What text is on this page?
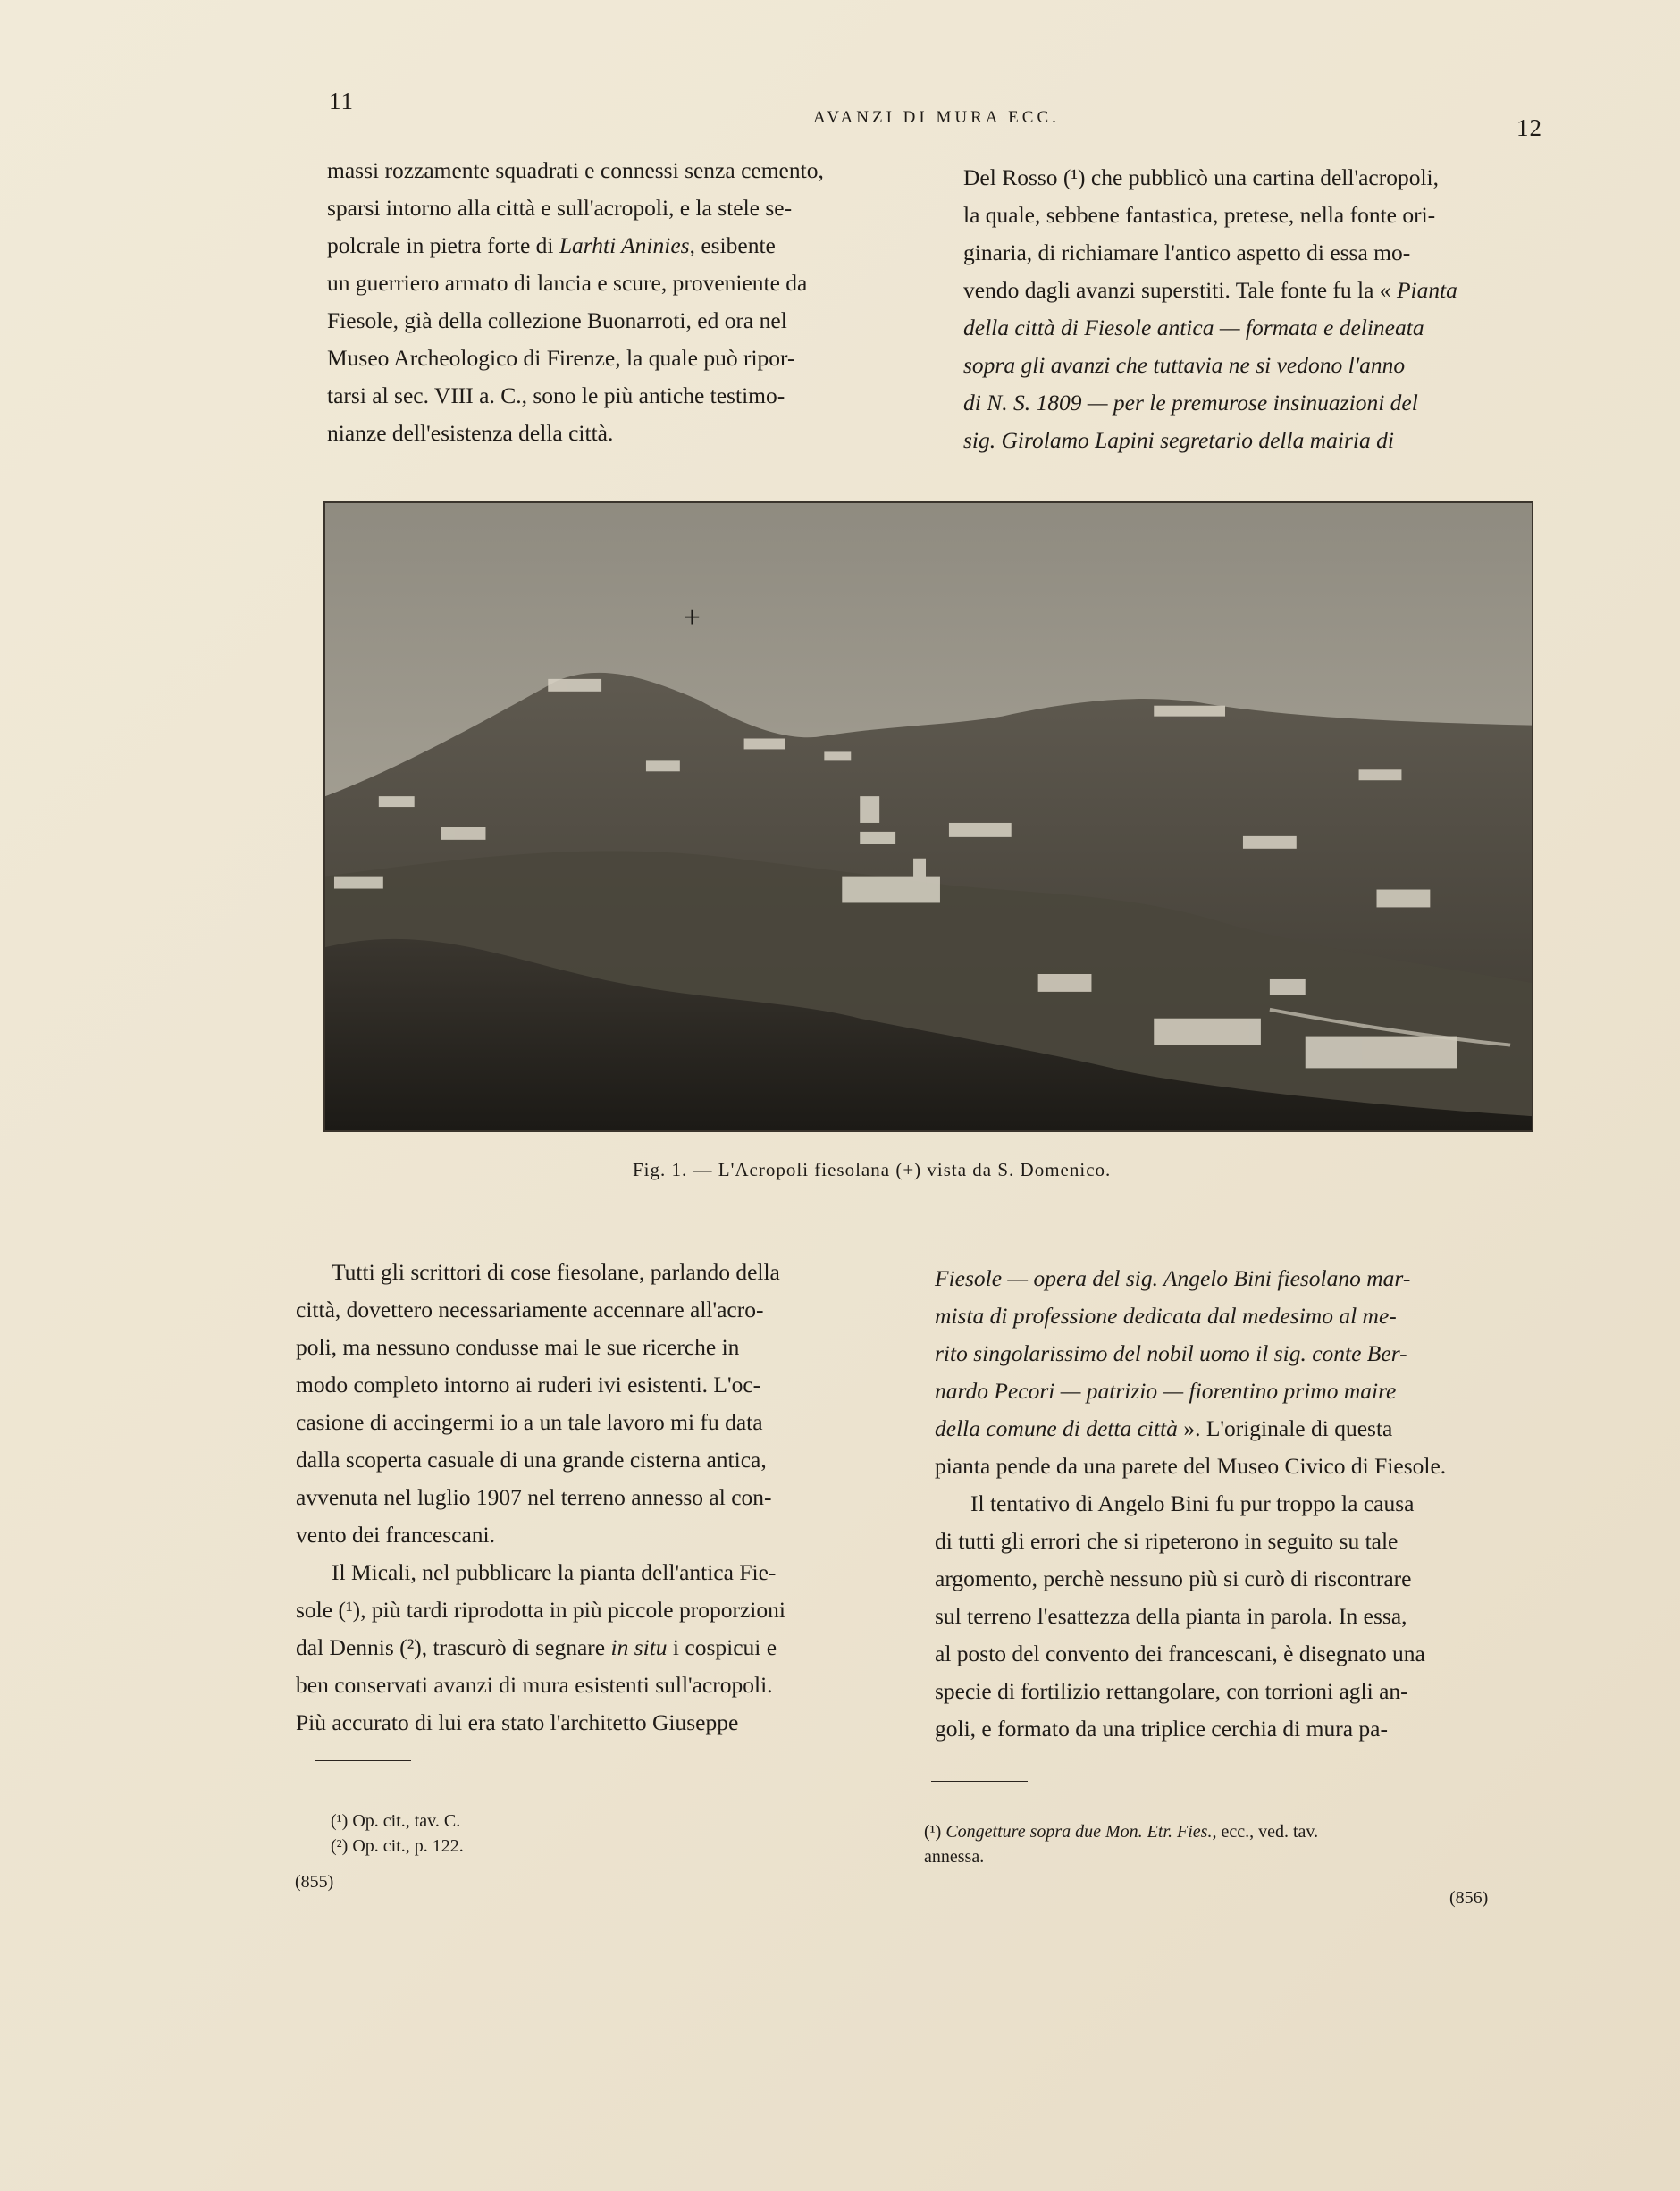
11
AVANZI DI MURA ECC.	12
massi rozzamente squadrati e connessi senza cemento,
sparsi intorno alla città e sull'acropoli, e la stele se-
polcrale in pietra forte di Larhti Aninies, esibente
un guerriero armato di lancia e scure, proveniente da
Fiesole, già della collezione Buonarroti, ed ora nel
Museo Archeologico di Firenze, la quale può ripor-
tarsi al sec. VIII a. C., sono le più antiche testimo-
nianze dell'esistenza della città.
Del Rosso (¹) che pubblicò una cartina dell'acropoli,
la quale, sebbene fantastica, pretese, nella fonte ori-
ginaria, di richiamare l'antico aspetto di essa mo-
vendo dagli avanzi superstiti. Tale fonte fu la « Pianta
della città di Fiesole antica — formata e delineata
sopra gli avanzi che tuttavia ne si vedono l'anno
di N. S. 1809 — per le premurose insinuazioni del
sig. Girolamo Lapini segretario della mairia di
+
Fig. 1. — L'Acropoli fiesolana (+) vista da S. Domenico.
Tutti gli scrittori di cose fiesolane, parlando della
città, dovettero necessariamente accennare all'acro-
poli, ma nessuno condusse mai le sue ricerche in
modo completo intorno ai ruderi ivi esistenti. L'oc-
casione di accingermi io a un tale lavoro mi fu data
dalla scoperta casuale di una grande cisterna antica,
avvenuta nel luglio 1907 nel terreno annesso al con-
vento dei francescani.
Il Micali, nel pubblicare la pianta dell'antica Fie-
sole (¹), più tardi riprodotta in più piccole proporzioni
dal Dennis (²), trascurò di segnare in situ i cospicui e
ben conservati avanzi di mura esistenti sull'acropoli.
Più accurato di lui era stato l'architetto Giuseppe
Fiesole — opera del sig. Angelo Bini fiesolano mar-
mista di professione dedicata dal medesimo al me-
rito singolarissimo del nobil uomo il sig. conte Ber-
nardo Pecori — patrizio — fiorentino primo maire
della comune di detta città ». L'originale di questa
pianta pende da una parete del Museo Civico di Fiesole.
Il tentativo di Angelo Bini fu pur troppo la causa
di tutti gli errori che si ripeterono in seguito su tale
argomento, perchè nessuno più si curò di riscontrare
sul terreno l'esattezza della pianta in parola. In essa,
al posto del convento dei francescani, è disegnato una
specie di fortilizio rettangolare, con torrioni agli an-
goli, e formato da una triplice cerchia di mura pa-
(¹) Op. cit., tav. C.
(²) Op. cit., p. 122.
(¹) Congetture sopra due Mon. Etr. Fies., ecc., ved. tav.
annessa.
(855)
(856)
